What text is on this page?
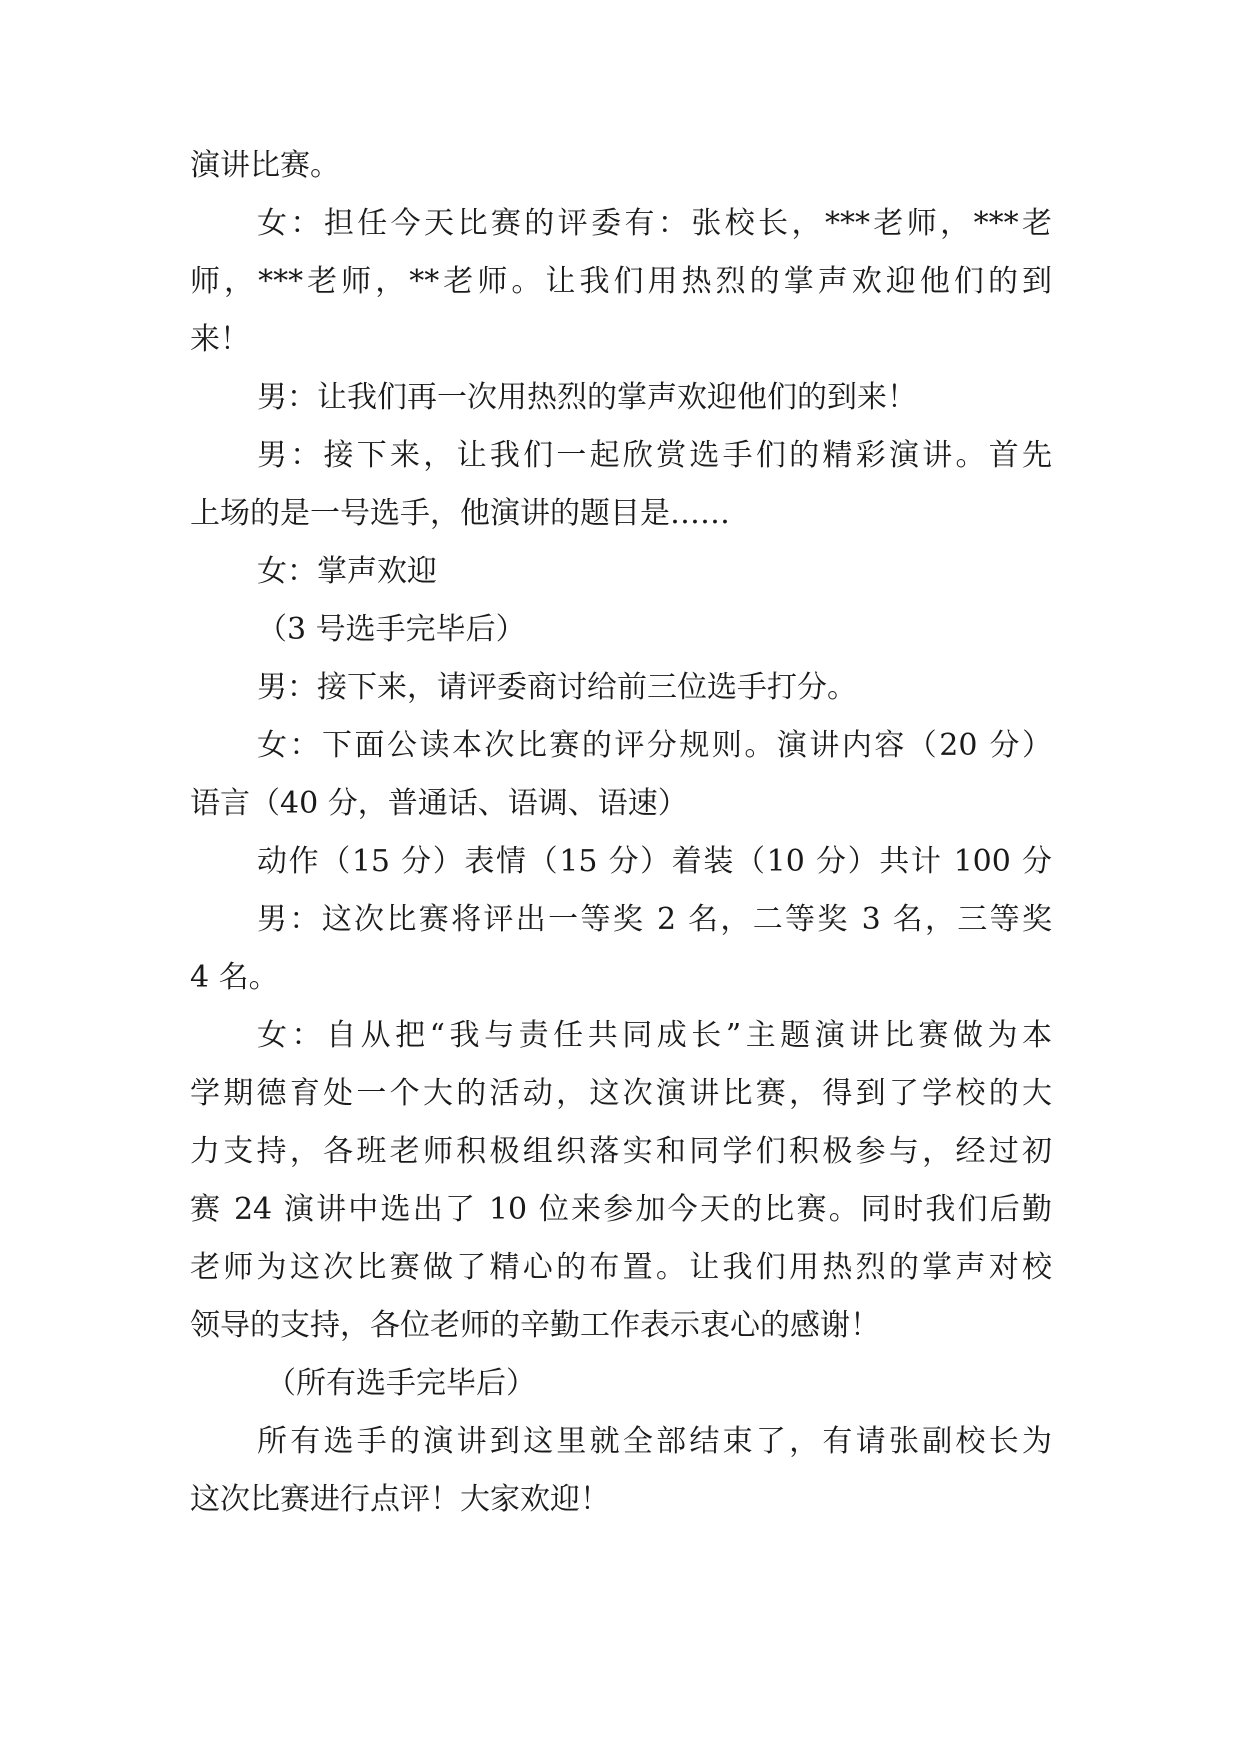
演讲比赛。

女：担任今天比赛的评委有：张校长，***老师，***老

师，***老师，**老师。让我们用热烈的掌声欢迎他们的到

来！

男：让我们再一次用热烈的掌声欢迎他们的到来！

男：接下来，让我们一起欣赏选手们的精彩演讲。首先

上场的是一号选手，他演讲的题目是……

女：掌声欢迎

（3 号选手完毕后）

男：接下来，请评委商讨给前三位选手打分。

女：下面公读本次比赛的评分规则。演讲内容（20 分）

语言（40 分，普通话、语调、语速）

动作（15 分）表情（15 分）着装（10 分）共计 100 分

男：这次比赛将评出一等奖 2 名，二等奖 3 名，三等奖

4 名。

女：自从把“我与责任共同成长”主题演讲比赛做为本

学期德育处一个大的活动，这次演讲比赛，得到了学校的大

力支持，各班老师积极组织落实和同学们积极参与，经过初

赛 24 演讲中选出了 10 位来参加今天的比赛。同时我们后勤

老师为这次比赛做了精心的布置。让我们用热烈的掌声对校

领导的支持，各位老师的辛勤工作表示衷心的感谢！

（所有选手完毕后）

所有选手的演讲到这里就全部结束了，有请张副校长为

这次比赛进行点评！大家欢迎！
